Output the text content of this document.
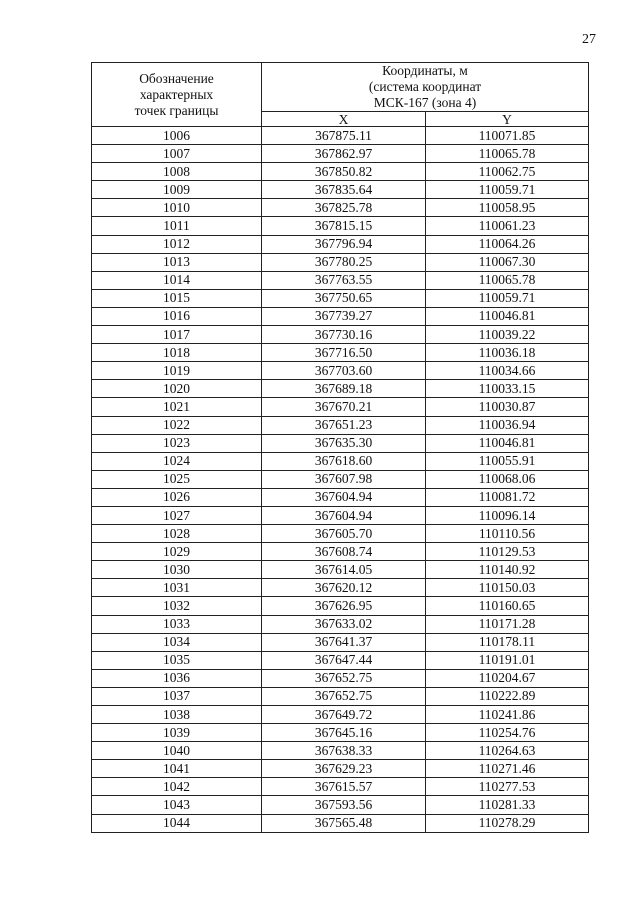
27
Обозначение
характерных
точек границы	Координаты, м
(система координат
МСК-167 (зона 4)	

	X	Y
1006	367875.11	110071.85
1007	367862.97	110065.78
1008	367850.82	110062.75
1009	367835.64	110059.71
1010	367825.78	110058.95
1011	367815.15	110061.23
1012	367796.94	110064.26
1013	367780.25	110067.30
1014	367763.55	110065.78
1015	367750.65	110059.71
1016	367739.27	110046.81
1017	367730.16	110039.22
1018	367716.50	110036.18
1019	367703.60	110034.66
1020	367689.18	110033.15
1021	367670.21	110030.87
1022	367651.23	110036.94
1023	367635.30	110046.81
1024	367618.60	110055.91
1025	367607.98	110068.06
1026	367604.94	110081.72
1027	367604.94	110096.14
1028	367605.70	110110.56
1029	367608.74	110129.53
1030	367614.05	110140.92
1031	367620.12	110150.03
1032	367626.95	110160.65
1033	367633.02	110171.28
1034	367641.37	110178.11
1035	367647.44	110191.01
1036	367652.75	110204.67
1037	367652.75	110222.89
1038	367649.72	110241.86
1039	367645.16	110254.76
1040	367638.33	110264.63
1041	367629.23	110271.46
1042	367615.57	110277.53
1043	367593.56	110281.33
1044	367565.48	110278.29
